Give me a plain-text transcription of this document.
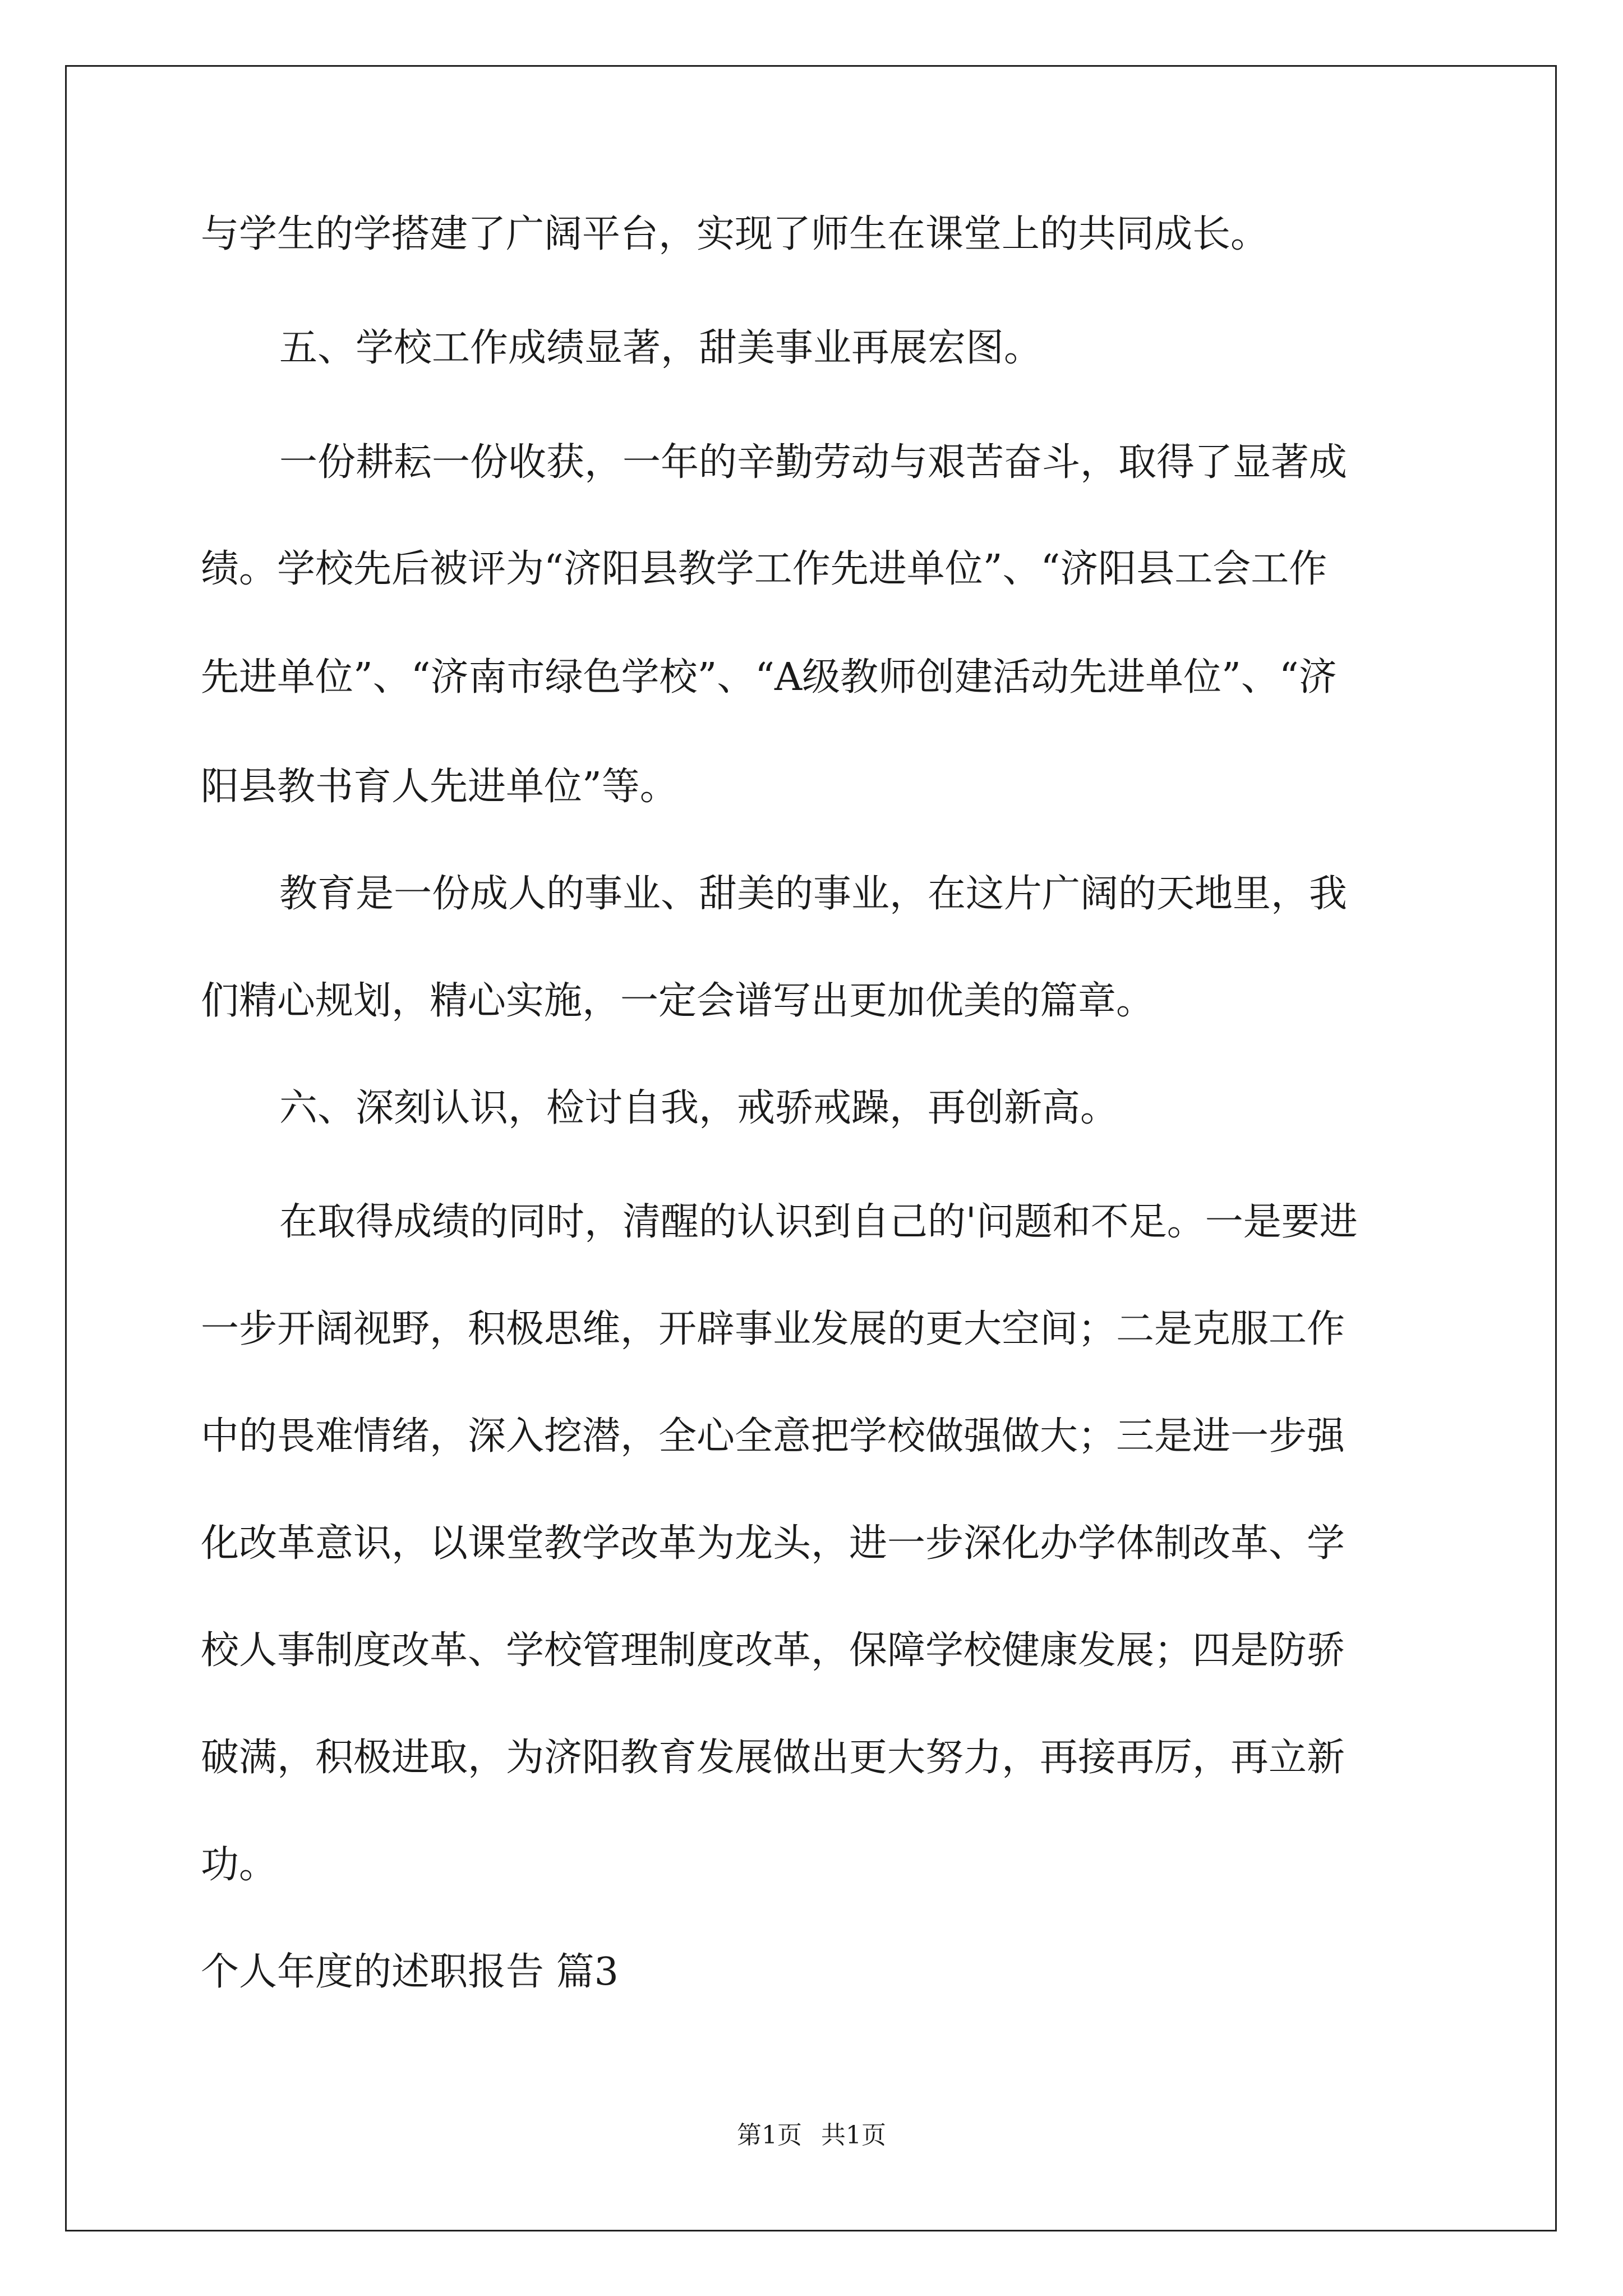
与学生的学搭建了广阔平台，实现了师生在课堂上的共同成长。
五、学校工作成绩显著，甜美事业再展宏图。
一份耕耘一份收获，一年的辛勤劳动与艰苦奋斗，取得了显著成
绩。学校先后被评为“济阳县教学工作先进单位”、“济阳县工会工作
先进单位”、“济南市绿色学校”、“A级教师创建活动先进单位”、“济
阳县教书育人先进单位”等。
教育是一份成人的事业、甜美的事业，在这片广阔的天地里，我
们精心规划，精心实施，一定会谱写出更加优美的篇章。
六、深刻认识，检讨自我，戒骄戒躁，再创新高。
在取得成绩的同时，清醒的认识到自己的'问题和不足。一是要进
一步开阔视野，积极思维，开辟事业发展的更大空间；二是克服工作
中的畏难情绪，深入挖潜，全心全意把学校做强做大；三是进一步强
化改革意识，以课堂教学改革为龙头，进一步深化办学体制改革、学
校人事制度改革、学校管理制度改革，保障学校健康发展；四是防骄
破满，积极进取，为济阳教育发展做出更大努力，再接再厉，再立新
功。
个人年度的述职报告 篇3
第1页 共1页
